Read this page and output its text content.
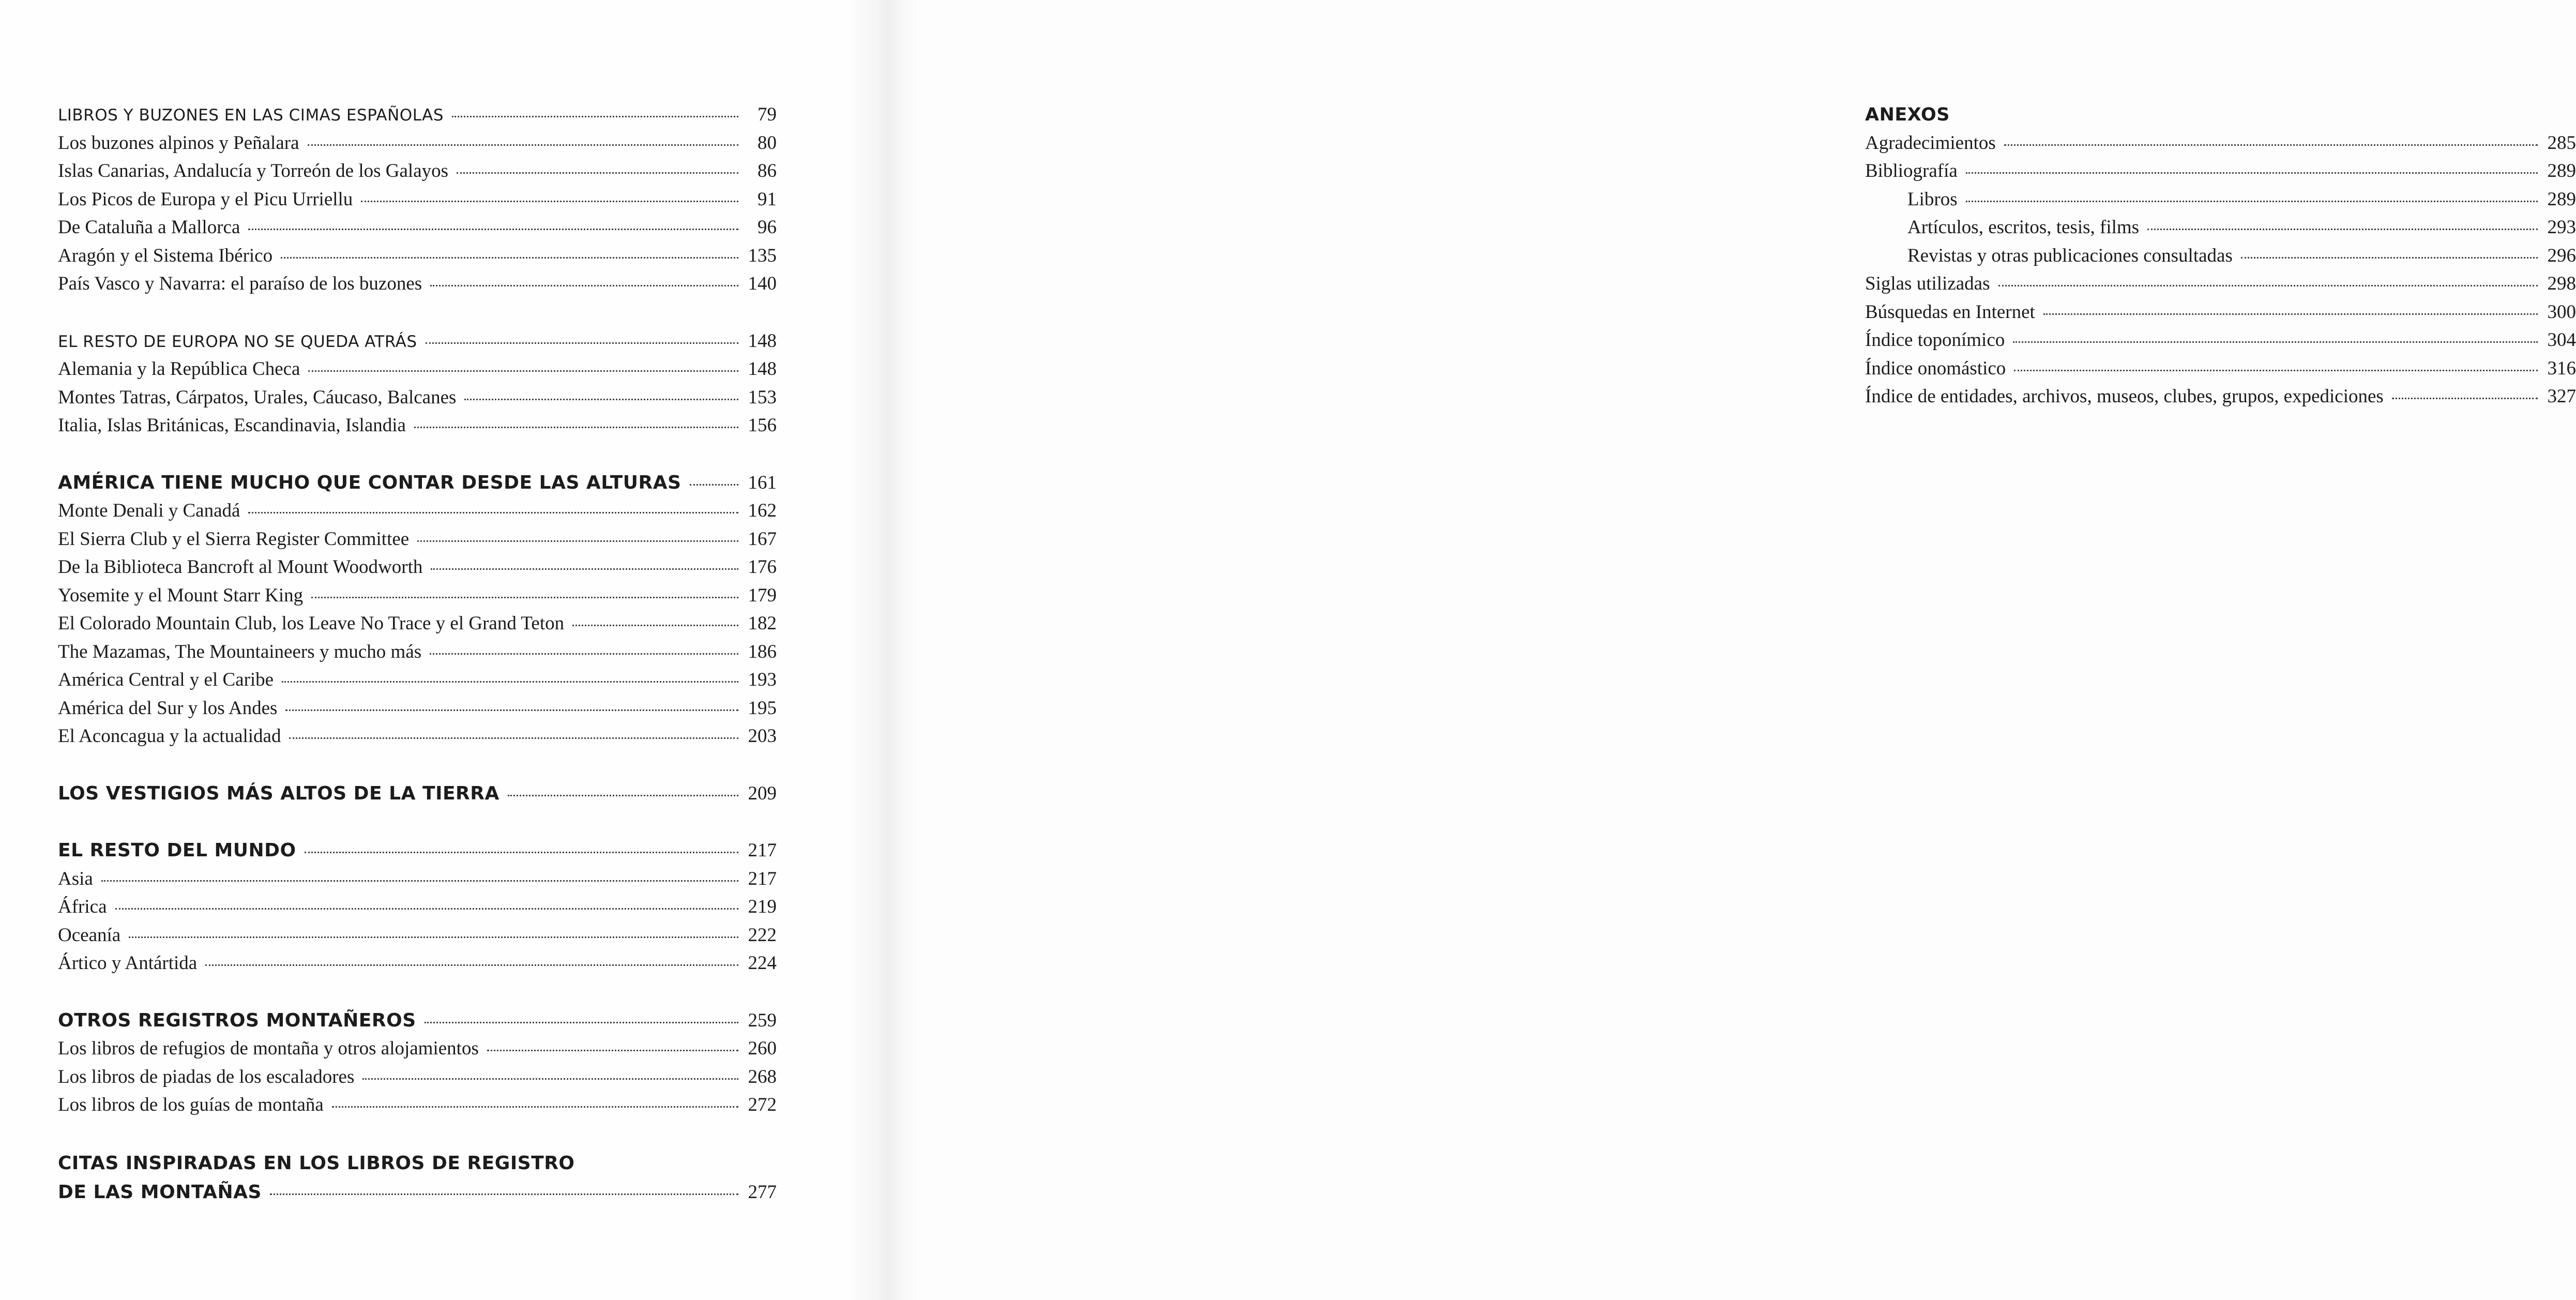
LIBROS Y BUZONES EN LAS CIMAS ESPAÑOLAS	79
Los buzones alpinos y Peñalara	80
Islas Canarias, Andalucía y Torreón de los Galayos	86
Los Picos de Europa y el Picu Urriellu	91
De Cataluña a Mallorca	96
Aragón y el Sistema Ibérico	135
País Vasco y Navarra: el paraíso de los buzones	140
EL RESTO DE EUROPA NO SE QUEDA ATRÁS	148
Alemania y la República Checa	148
Montes Tatras, Cárpatos, Urales, Cáucaso, Balcanes	153
Italia, Islas Británicas, Escandinavia, Islandia	156
AMÉRICA TIENE MUCHO QUE CONTAR DESDE LAS ALTURAS	161
Monte Denali y Canadá	162
El Sierra Club y el Sierra Register Committee	167
De la Biblioteca Bancroft al Mount Woodworth	176
Yosemite y el Mount Starr King	179
El Colorado Mountain Club, los Leave No Trace y el Grand Teton	182
The Mazamas, The Mountaineers y mucho más	186
América Central y el Caribe	193
América del Sur y los Andes	195
El Aconcagua y la actualidad	203
LOS VESTIGIOS MÁS ALTOS DE LA TIERRA	209
EL RESTO DEL MUNDO	217
Asia	217
África	219
Oceanía	222
Ártico y Antártida	224
OTROS REGISTROS MONTAÑEROS	259
Los libros de refugios de montaña y otros alojamientos	260
Los libros de piadas de los escaladores	268
Los libros de los guías de montaña	272
CITAS INSPIRADAS EN LOS LIBROS DE REGISTRO
DE LAS MONTAÑAS	277
ANEXOS
Agradecimientos	285
Bibliografía	289
Libros	289
Artículos, escritos, tesis, films	293
Revistas y otras publicaciones consultadas	296
Siglas utilizadas	298
Búsquedas en Internet	300
Índice toponímico	304
Índice onomástico	316
Índice de entidades, archivos, museos, clubes, grupos, expediciones	327
